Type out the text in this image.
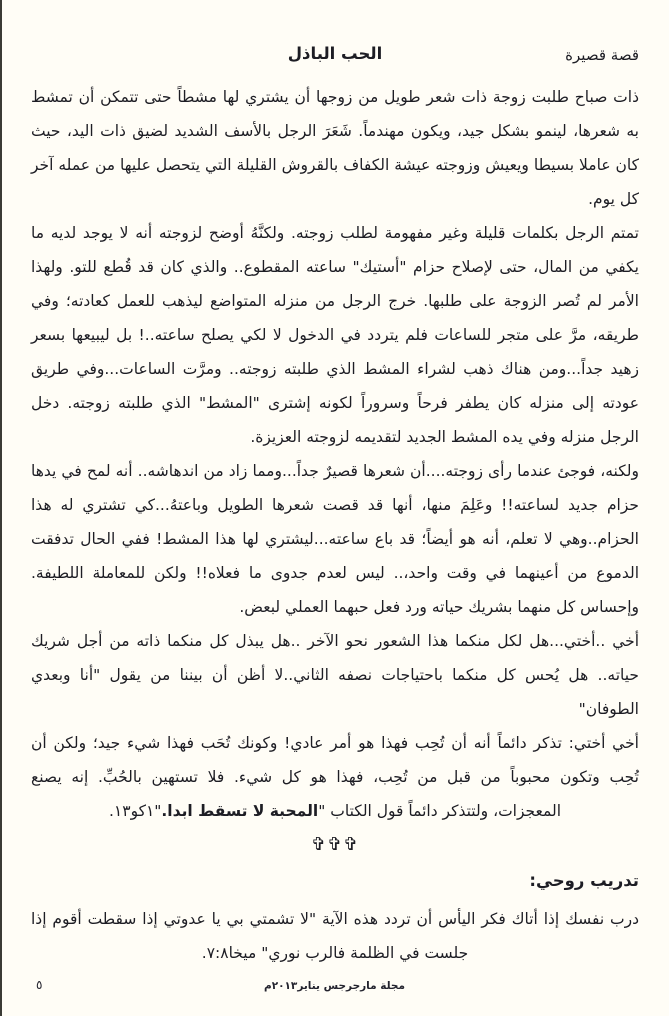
قصة قصيرة
الحب الباذل

ذات صباح طلبت زوجة ذات شعر طويل من زوجها أن يشتري لها مشطاً حتى تتمكن أن تمشط به شعرها، لينمو بشكل جيد، ويكون مهندماً. شَعَرَ الرجل بالأسف الشديد لضيق ذات اليد، حيث كان عاملا بسيطا ويعيش وزوجته عيشة الكفاف بالقروش القليلة التي يتحصل عليها من عمله آخر كل يوم.

تمتم الرجل بكلمات قليلة وغير مفهومة لطلب زوجته. ولكنَّهُ أوضح لزوجته أنه لا يوجد لديه ما يكفي من المال، حتى لإصلاح حزام "أستيك" ساعته المقطوع.. والذي كان قد قُطع للتو. ولهذا الأمر لم تُصر الزوجة على طلبها. خرج الرجل من منزله المتواضع ليذهب للعمل كعادته؛ وفي طريقه، مرَّ على متجر للساعات فلم يتردد في الدخول لا لكي يصلح ساعته..! بل ليبيعها بسعر زهيد جداً...ومن هناك ذهب لشراء المشط الذي طلبته زوجته.. ومرَّت الساعات...وفي طريق عودته إلى منزله كان يطفر فرحاً وسروراً لكونه إشترى "المشط" الذي طلبته زوجته. دخل الرجل منزله وفي يده المشط الجديد لتقديمه لزوجته العزيزة.

ولكنه، فوجئ عندما رأى زوجته....أن شعرها قصيرٌ جداً...ومما زاد من اندهاشه.. أنه لمح في يدها حزام جديد لساعته!! وعَلِمَ منها، أنها قد قصت شعرها الطويل وباعتهُ...كي تشتري له هذا الحزام..وهي لا تعلم، أنه هو أيضاً؛ قد باع ساعته...ليشتري لها هذا المشط! ففي الحال تدفقت الدموع من أعينهما في وقت واحد،.. ليس لعدم جدوى ما فعلاه!! ولكن للمعاملة اللطيفة. وإحساس كل منهما بشريك حياته ورد فعل حبهما العملي لبعض.

أخي ..أختي...هل لكل منكما هذا الشعور نحو الآخر ..هل يبذل كل منكما ذاته من أجل شريك حياته.. هل يُحس كل منكما باحتياجات نصفه الثاني..لا أظن أن بيننا من يقول "أنا وبعدي الطوفان"

أخي أختي: تذكر دائماً أنه أن تُحِب فهذا هو أمر عادي! وكونك تُحَب فهذا شيء جيد؛ ولكن أن تُحِب وتكون محبوباً من قبل من تُحِب، فهذا هو كل شيء. فلا تستهين بالحُبِّ. إنه يصنع المعجزات، ولتتذكر دائماً قول الكتاب "المحبة لا تسقط ابدا."١كو١٣.

✞✞✞
تدريب روحي:

درب نفسك إذا أتاك فكر اليأس أن تردد هذه الآية "لا تشمتي بي يا عدوتي إذا سقطت أقوم إذا جلست في الظلمة فالرب نوري" ميخا٧:٨.

مجلة مارجرجس يناير٢٠١٣م
٥
